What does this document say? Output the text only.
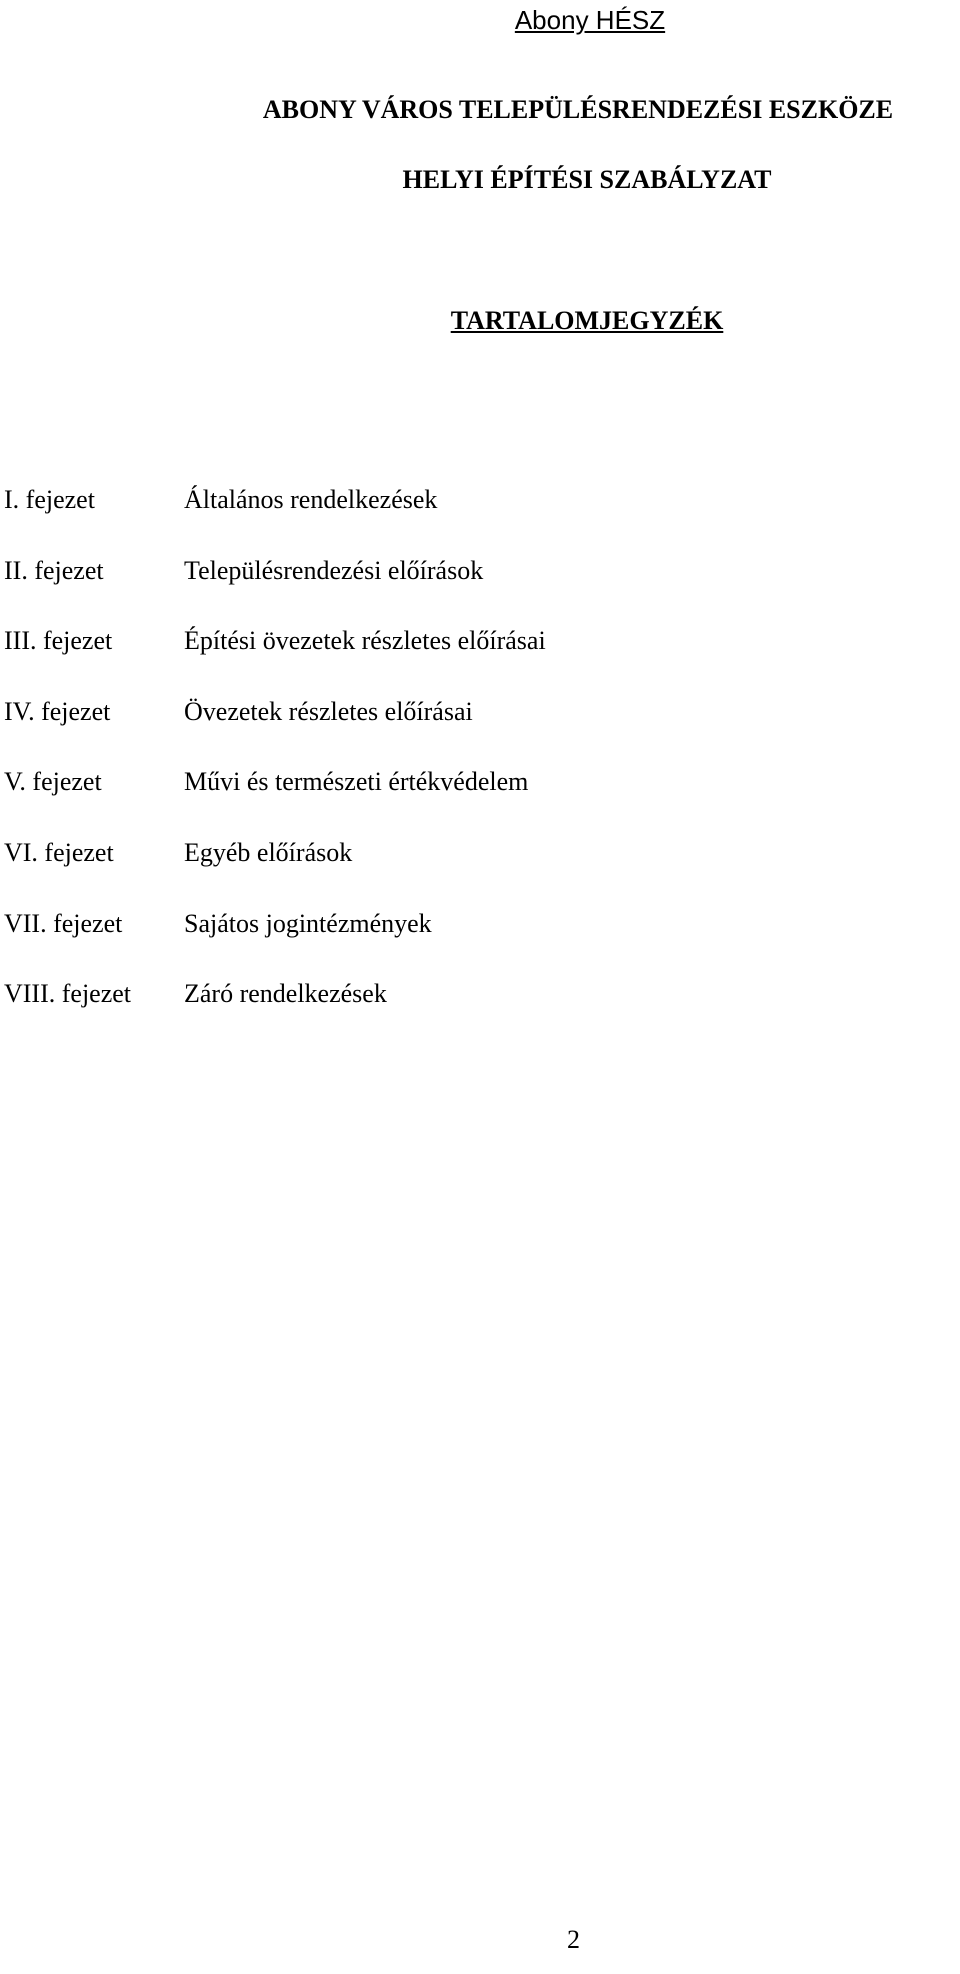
Abony HÉSZ
ABONY VÁROS TELEPÜLÉSRENDEZÉSI ESZKÖZE
HELYI ÉPÍTÉSI SZABÁLYZAT
TARTALOMJEGYZÉK
I. fejezet	Általános rendelkezések
II. fejezet	Településrendezési előírások
III. fejezet	Építési övezetek részletes előírásai
IV. fejezet	Övezetek részletes előírásai
V. fejezet	Művi és természeti értékvédelem
VI. fejezet	Egyéb előírások
VII. fejezet	Sajátos jogintézmények
VIII. fejezet	Záró rendelkezések
2
